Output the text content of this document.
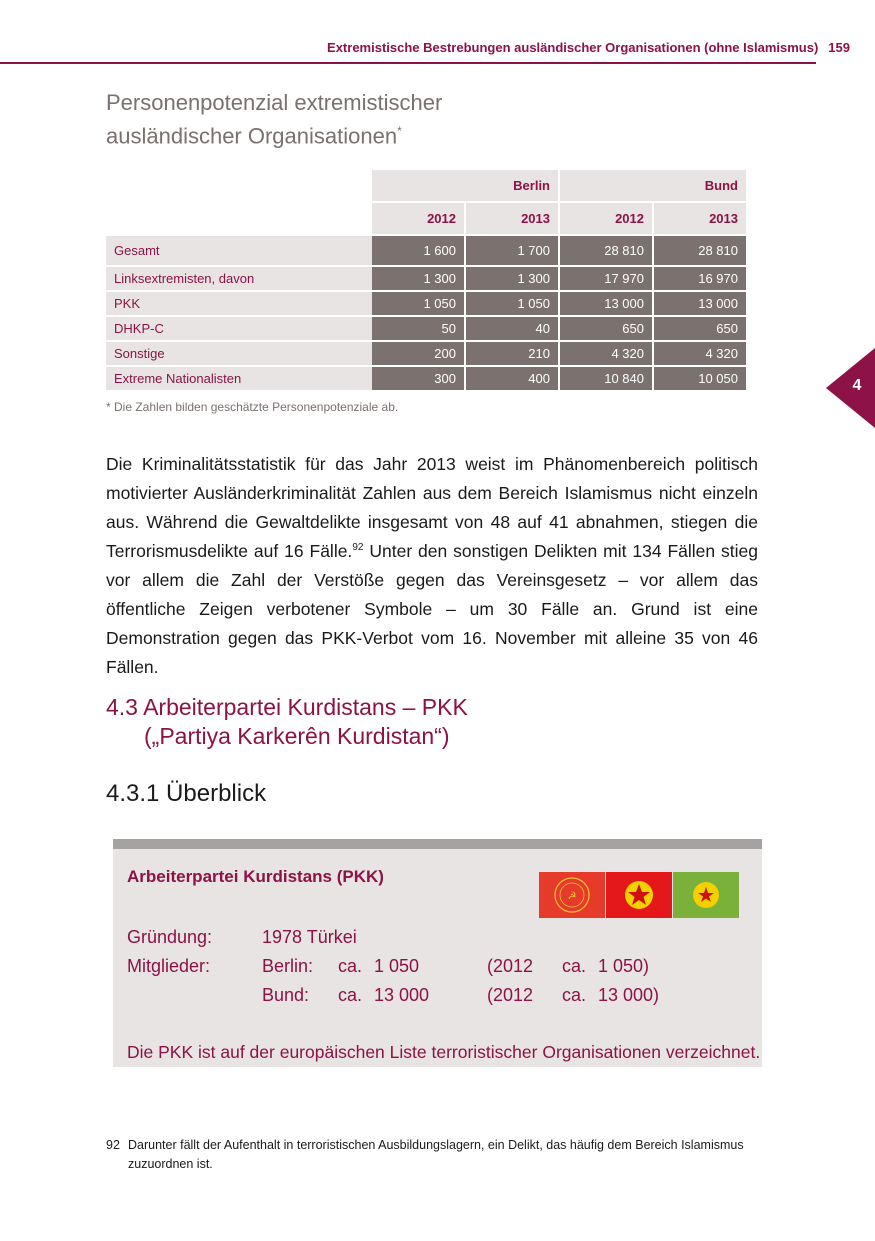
Extremistische Bestrebungen ausländischer Organisationen (ohne Islamismus) 159
4
Personenpotenzial extremistischer
ausländischer Organisationen*
	Berlin		Bund	
	2012	2013	2012	2013
Gesamt	1 600	1 700	28 810	28 810
Linksextremisten, davon	1 300	1 300	17 970	16 970
PKK	1 050	1 050	13 000	13 000
DHKP-C	50	40	650	650
Sonstige	200	210	4 320	4 320
Extreme Nationalisten	300	400	10 840	10 050
* Die Zahlen bilden geschätzte Personenpotenziale ab.
Die Kriminalitätsstatistik für das Jahr 2013 weist im Phänomenbereich politisch motivierter Ausländerkriminalität Zahlen aus dem Bereich Islamismus nicht einzeln aus. Während die Gewaltdelikte insgesamt von 48 auf 41 abnahmen, stiegen die Terrorismusdelikte auf 16 Fälle.$^{92}$ Unter den sonstigen Delikten mit 134 Fällen stieg vor allem die Zahl der Verstöße gegen das Vereinsgesetz – vor allem das öffentliche Zeigen verbotener Symbole – um 30 Fälle an. Grund ist eine Demonstration gegen das PKK-Verbot vom 16. November mit alleine 35 von 46 Fällen.
4.3 Arbeiterpartei Kurdistans – PKK
(„Partiya Karkerên Kurdistan“)
4.3.1 Überblick
Arbeiterpartei Kurdistans (PKK)
☭
Gründung:	1978 Türkei
Mitglieder:	Berlin: ca. 1 050	(2012 ca. 1 050)
Bund: ca. 13 000	(2012 ca. 13 000)
Die PKK ist auf der europäischen Liste terroristischer Organisationen verzeichnet.
92 Darunter fällt der Aufenthalt in terroristischen Ausbildungslagern, ein Delikt, das häufig dem Bereich Islamismus zuzuordnen ist.
